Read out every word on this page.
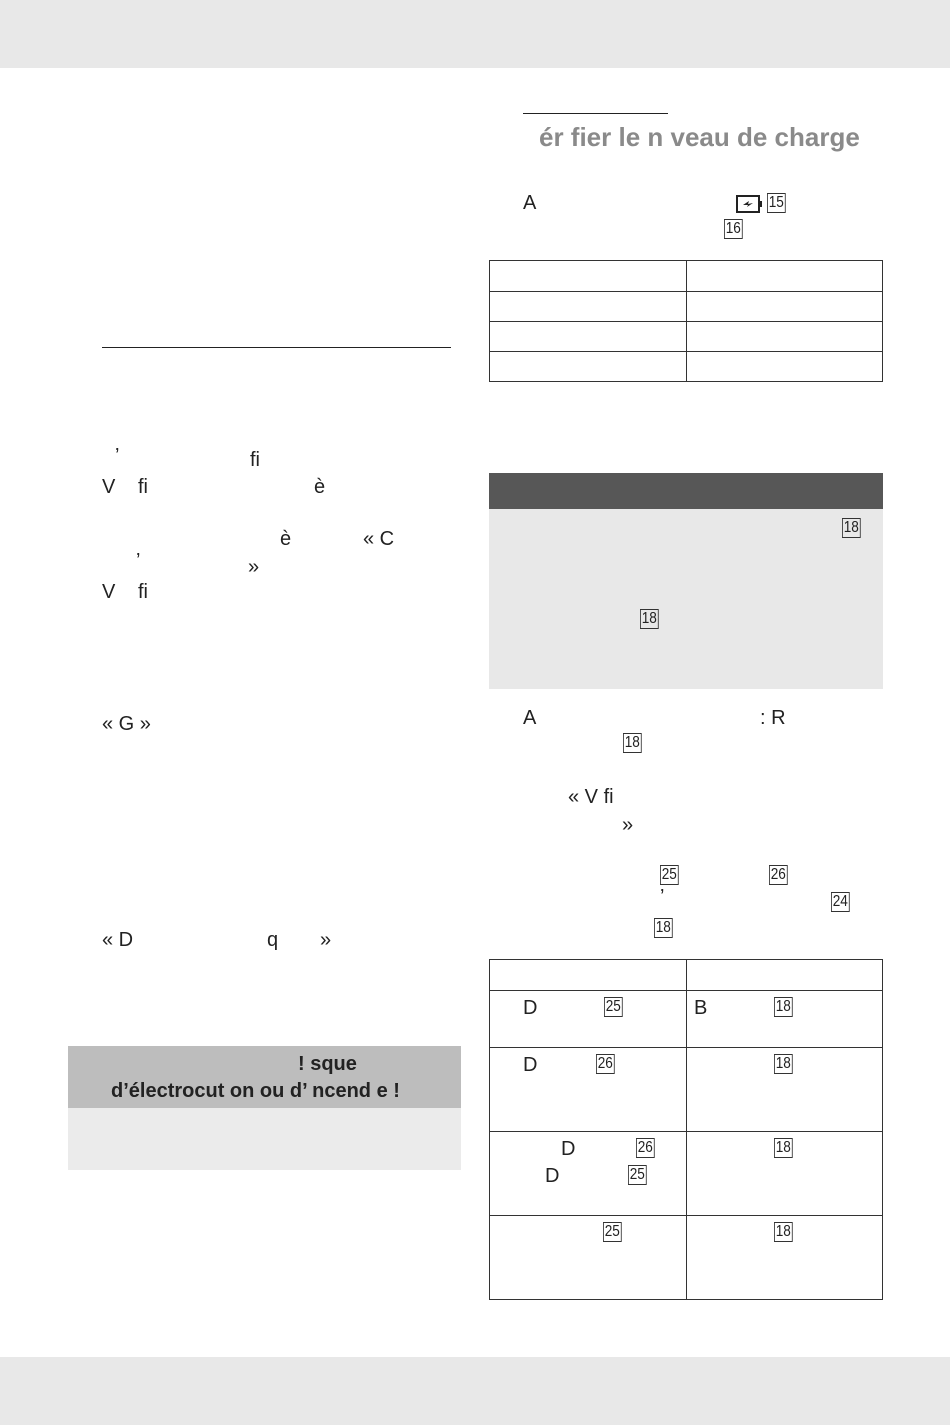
’	fi
V fi	è
è	« C
’	»
V fi
« G »
« D	q »
! sque
d’électrocut on ou d’ ncend e !
ér fier le n veau de charge
A	15
16

18
18
A	: R
18
« V fi
»
25	26
’	24
18

D 25	B 18

D 26	18

D 26
D 25	18

25	18
